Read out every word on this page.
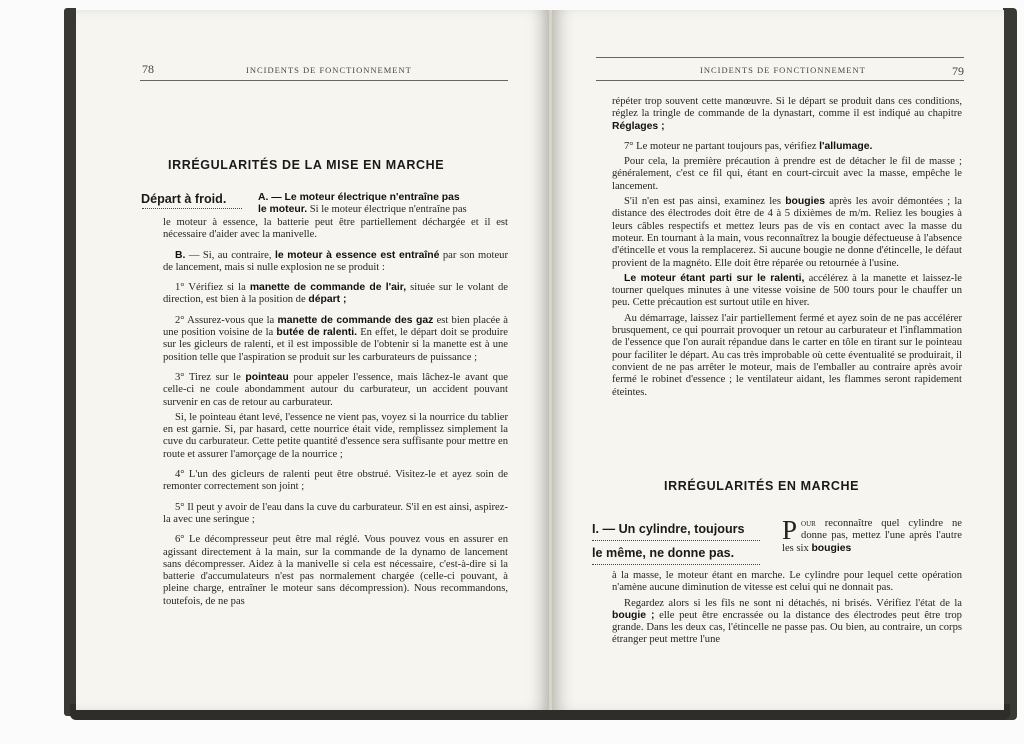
78	INCIDENTS DE FONCTIONNEMENT
IRRÉGULARITÉS DE LA MISE EN MARCHE
Départ à froid.	A. — Le moteur électrique n'entraîne pas
le moteur. Si le moteur électrique n'entraîne pas

le moteur à essence, la batterie peut être partiellement déchargée et il est nécessaire d'aider avec la manivelle.

B. — Si, au contraire, le moteur à essence est entraîné par son moteur de lancement, mais si nulle explosion ne se produit :

1° Vérifiez si la manette de commande de l'air, située sur le volant de direction, est bien à la position de départ ;

2° Assurez-vous que la manette de commande des gaz est bien placée à une position voisine de la butée de ralenti. En effet, le départ doit se produire sur les gicleurs de ralenti, et il est impossible de l'obtenir si la manette est à une position telle que l'aspiration se produit sur les carburateurs de puissance ;

3° Tirez sur le pointeau pour appeler l'essence, mais lâchez-le avant que celle-ci ne coule abondamment autour du carburateur, un accident pouvant survenir en cas de retour au carburateur.

Si, le pointeau étant levé, l'essence ne vient pas, voyez si la nourrice du tablier en est garnie. Si, par hasard, cette nourrice était vide, remplissez simplement la cuve du carburateur. Cette petite quantité d'essence sera suffisante pour mettre en route et assurer l'amorçage de la nourrice ;

4° L'un des gicleurs de ralenti peut être obstrué. Visitez-le et ayez soin de remonter correctement son joint ;

5° Il peut y avoir de l'eau dans la cuve du carburateur. S'il en est ainsi, aspirez-la avec une seringue ;

6° Le décompresseur peut être mal réglé. Vous pouvez vous en assurer en agissant directement à la main, sur la commande de la dynamo de lancement sans décompresser. Aidez à la manivelle si cela est nécessaire, c'est-à-dire si la batterie d'accumulateurs n'est pas normalement chargée (celle-ci pouvant, à pleine charge, entraîner le moteur sans décompression). Nous recommandons, toutefois, de ne pas

INCIDENTS DE FONCTIONNEMENT	79

répéter trop souvent cette manœuvre. Si le départ se produit dans ces conditions, réglez la tringle de commande de la dynastart, comme il est indiqué au chapitre Réglages ;

7° Le moteur ne partant toujours pas, vérifiez l'allumage.

Pour cela, la première précaution à prendre est de détacher le fil de masse ; généralement, c'est ce fil qui, étant en court-circuit avec la masse, empêche le lancement.

S'il n'en est pas ainsi, examinez les bougies après les avoir démontées ; la distance des électrodes doit être de 4 à 5 dixièmes de m/m. Reliez les bougies à leurs câbles respectifs et mettez leurs pas de vis en contact avec la masse du moteur. En tournant à la main, vous reconnaîtrez la bougie défectueuse à l'absence d'étincelle et vous la remplacerez. Si aucune bougie ne donne d'étincelle, le défaut provient de la magnéto. Elle doit être réparée ou retournée à l'usine.

Le moteur étant parti sur le ralenti, accélérez à la manette et laissez-le tourner quelques minutes à une vitesse voisine de 500 tours pour le chauffer un peu. Cette précaution est surtout utile en hiver.

Au démarrage, laissez l'air partiellement fermé et ayez soin de ne pas accélérer brusquement, ce qui pourrait provoquer un retour au carburateur et l'inflammation de l'essence que l'on aurait répandue dans le carter en tôle en tirant sur le pointeau pour faciliter le départ. Au cas très improbable où cette éventualité se produirait, il convient de ne pas arrêter le moteur, mais de l'emballer au contraire après avoir fermé le robinet d'essence ; le ventilateur aidant, les flammes seront rapidement éteintes.

IRRÉGULARITÉS EN MARCHE
I. — Un cylindre, toujours
le même, ne donne pas.

Pour reconnaître quel cylindre ne donne pas, mettez l'une après l'autre les six bougies

à la masse, le moteur étant en marche. Le cylindre pour lequel cette opération n'amène aucune diminution de vitesse est celui qui ne donnait pas.

Regardez alors si les fils ne sont ni détachés, ni brisés. Vérifiez l'état de la bougie ; elle peut être encrassée ou la distance des électrodes peut être trop grande. Dans les deux cas, l'étincelle ne passe pas. Ou bien, au contraire, un corps étranger peut mettre l'une
